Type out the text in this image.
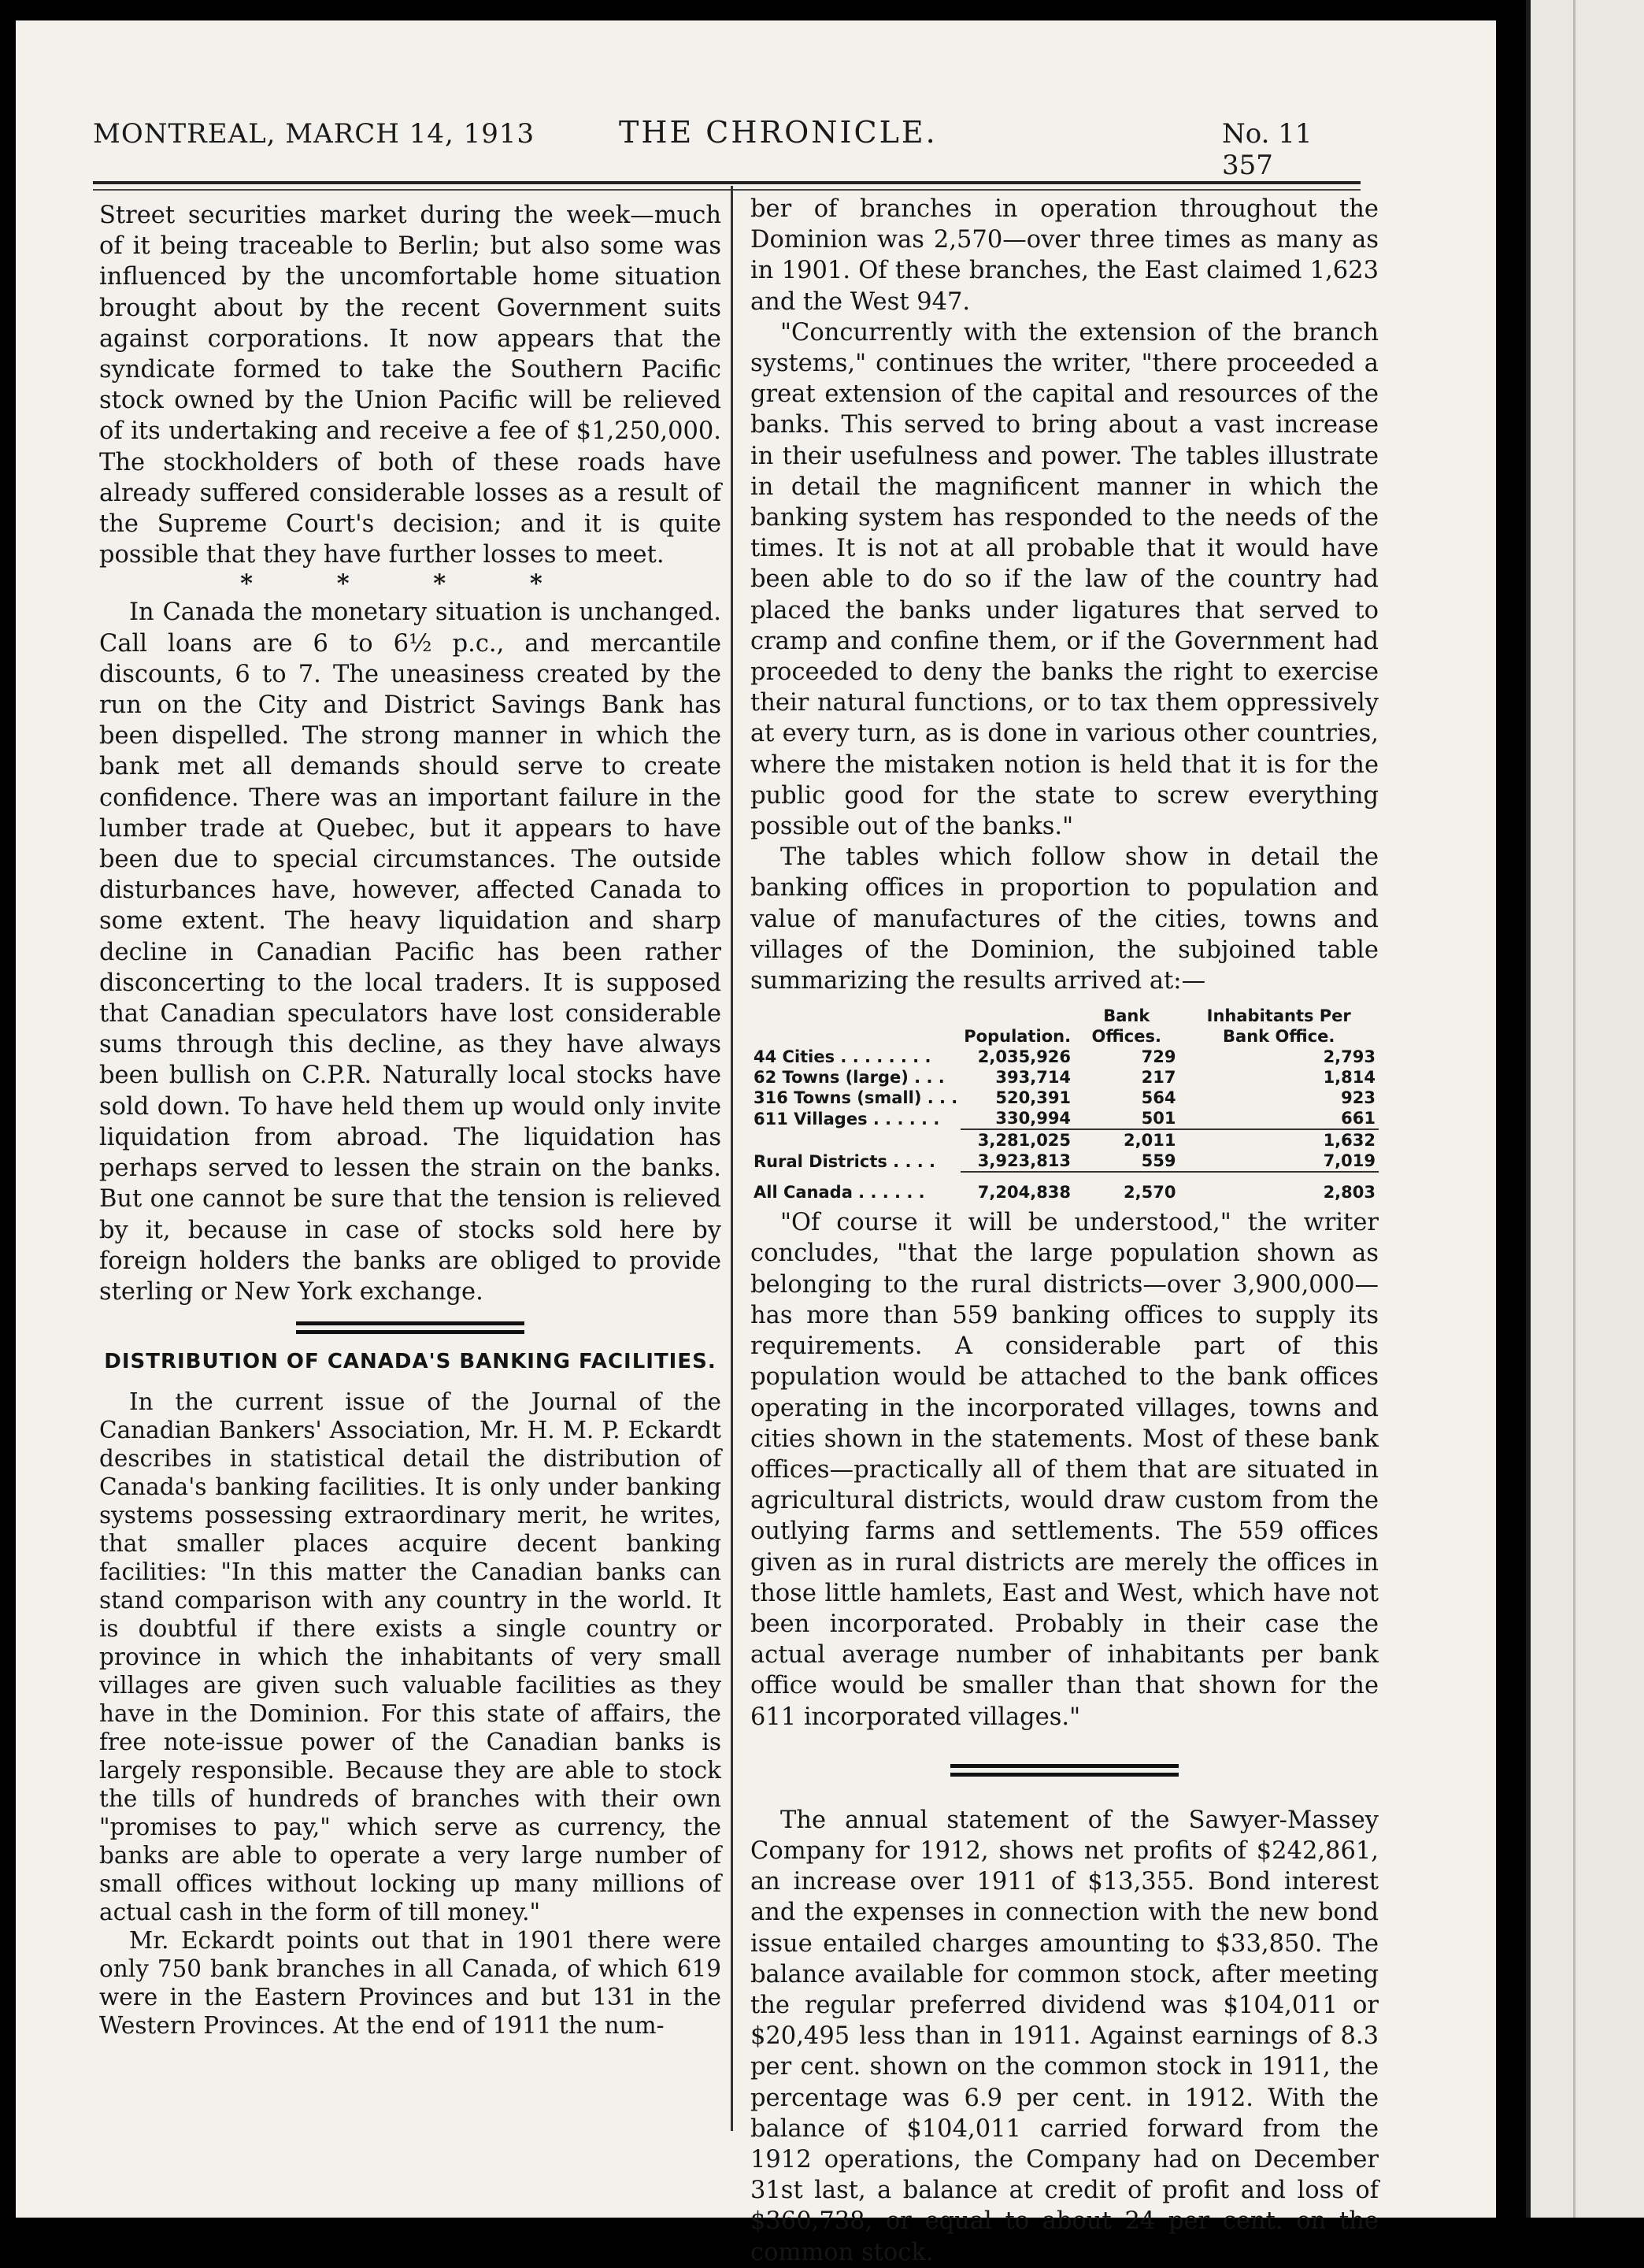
MONTREAL, MARCH 14, 1913	THE CHRONICLE.	No. 11 357

Street securities market during the week—much of it being traceable to Berlin; but also some was influenced by the uncomfortable home situation brought about by the recent Government suits against corporations. It now appears that the syndicate formed to take the Southern Pacific stock owned by the Union Pacific will be relieved of its undertaking and receive a fee of $1,250,000. The stockholders of both of these roads have already suffered considerable losses as a result of the Supreme Court's decision; and it is quite possible that they have further losses to meet.

* * * *

In Canada the monetary situation is unchanged. Call loans are 6 to 6½ p.c., and mercantile discounts, 6 to 7. The uneasiness created by the run on the City and District Savings Bank has been dispelled. The strong manner in which the bank met all demands should serve to create confidence. There was an important failure in the lumber trade at Quebec, but it appears to have been due to special circumstances. The outside disturbances have, however, affected Canada to some extent. The heavy liquidation and sharp decline in Canadian Pacific has been rather disconcerting to the local traders. It is supposed that Canadian speculators have lost considerable sums through this decline, as they have always been bullish on C.P.R. Naturally local stocks have sold down. To have held them up would only invite liquidation from abroad. The liquidation has perhaps served to lessen the strain on the banks. But one cannot be sure that the tension is relieved by it, because in case of stocks sold here by foreign holders the banks are obliged to provide sterling or New York exchange.

DISTRIBUTION OF CANADA'S BANKING FACILITIES.

In the current issue of the Journal of the Canadian Bankers' Association, Mr. H. M. P. Eckardt describes in statistical detail the distribution of Canada's banking facilities. It is only under banking systems possessing extraordinary merit, he writes, that smaller places acquire decent banking facilities: "In this matter the Canadian banks can stand comparison with any country in the world. It is doubtful if there exists a single country or province in which the inhabitants of very small villages are given such valuable facilities as they have in the Dominion. For this state of affairs, the free note-issue power of the Canadian banks is largely responsible. Because they are able to stock the tills of hundreds of branches with their own "promises to pay," which serve as currency, the banks are able to operate a very large number of small offices without locking up many millions of actual cash in the form of till money."

Mr. Eckardt points out that in 1901 there were only 750 bank branches in all Canada, of which 619 were in the Eastern Provinces and but 131 in the Western Provinces. At the end of 1911 the num-

ber of branches in operation throughout the Dominion was 2,570—over three times as many as in 1901. Of these branches, the East claimed 1,623 and the West 947.

"Concurrently with the extension of the branch systems," continues the writer, "there proceeded a great extension of the capital and resources of the banks. This served to bring about a vast increase in their usefulness and power. The tables illustrate in detail the magnificent manner in which the banking system has responded to the needs of the times. It is not at all probable that it would have been able to do so if the law of the country had placed the banks under ligatures that served to cramp and confine them, or if the Government had proceeded to deny the banks the right to exercise their natural functions, or to tax them oppressively at every turn, as is done in various other countries, where the mistaken notion is held that it is for the public good for the state to screw everything possible out of the banks."

The tables which follow show in detail the banking offices in proportion to population and value of manufactures of the cities, towns and villages of the Dominion, the subjoined table summarizing the results arrived at:—

	Population.	Bank Offices.	Inhabitants Per Bank Office.
44 Cities . . . . . . . .	2,035,926	729	2,793
62 Towns (large) . . .	393,714	217	1,814
316 Towns (small) . . .	520,391	564	923
611 Villages . . . . . .	330,994	501	661
	3,281,025	2,011	1,632
Rural Districts . . . .	3,923,813	559	7,019

All Canada . . . . . .	7,204,838	2,570	2,803

"Of course it will be understood," the writer concludes, "that the large population shown as belonging to the rural districts—over 3,900,000—has more than 559 banking offices to supply its requirements. A considerable part of this population would be attached to the bank offices operating in the incorporated villages, towns and cities shown in the statements. Most of these bank offices—practically all of them that are situated in agricultural districts, would draw custom from the outlying farms and settlements. The 559 offices given as in rural districts are merely the offices in those little hamlets, East and West, which have not been incorporated. Probably in their case the actual average number of inhabitants per bank office would be smaller than that shown for the 611 incorporated villages."

The annual statement of the Sawyer-Massey Company for 1912, shows net profits of $242,861, an increase over 1911 of $13,355. Bond interest and the expenses in connection with the new bond issue entailed charges amounting to $33,850. The balance available for common stock, after meeting the regular preferred dividend was $104,011 or $20,495 less than in 1911. Against earnings of 8.3 per cent. shown on the common stock in 1911, the percentage was 6.9 per cent. in 1912. With the balance of $104,011 carried forward from the 1912 operations, the Company had on December 31st last, a balance at credit of profit and loss of $360,738, or equal to about 24 per cent. on the common stock.
